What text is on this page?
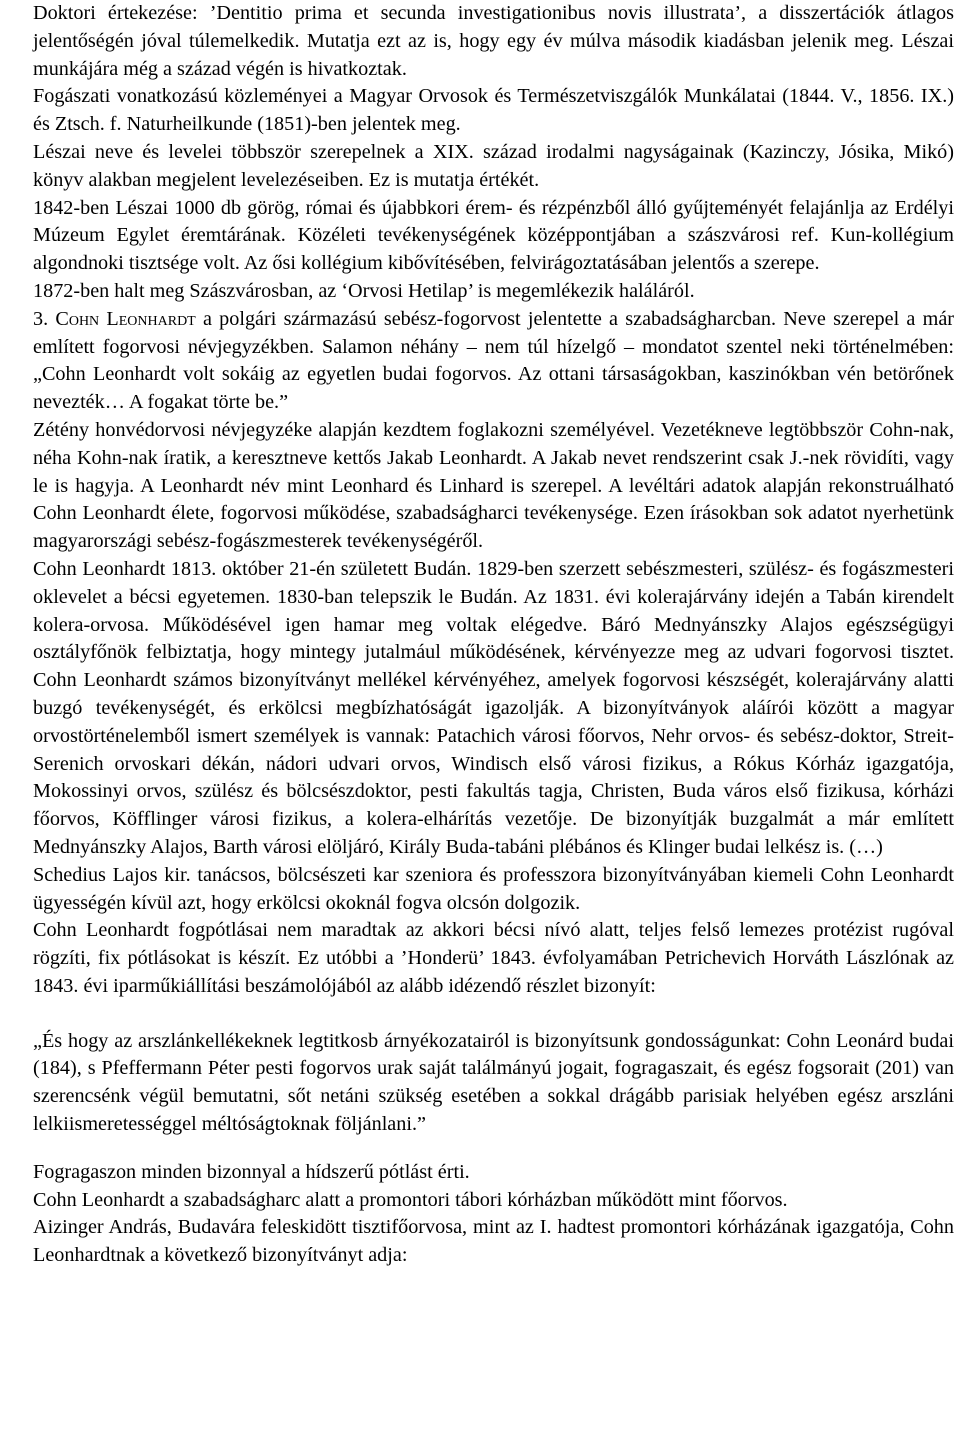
Doktori értekezése: ’Dentitio prima et secunda investigationibus novis illustrata’, a disszertációk átlagos jelentőségén jóval túlemelkedik. Mutatja ezt az is, hogy egy év múlva második kiadásban jelenik meg. Lészai munkájára még a század végén is hivatkoztak.

Fogászati vonatkozású közleményei a Magyar Orvosok és Természetviszgálók Munkálatai (1844. V., 1856. IX.) és Ztsch. f. Naturheilkunde (1851)-ben jelentek meg.

Lészai neve és levelei többször szerepelnek a XIX. század irodalmi nagyságainak (Kazinczy, Jósika, Mikó) könyv alakban megjelent levelezéseiben. Ez is mutatja értékét.

1842-ben Lészai 1000 db görög, római és újabbkori érem- és rézpénzből álló gyűjteményét felajánlja az Erdélyi Múzeum Egylet éremtárának. Közéleti tevékenységének középpontjában a szászvárosi ref. Kun-kollégium algondnoki tisztsége volt. Az ősi kollégium kibővítésében, felvirágoztatásában jelentős a szerepe.

1872-ben halt meg Szászvárosban, az ‘Orvosi Hetilap’ is megemlékezik haláláról.

3. Cohn Leonhardt a polgári származású sebész-fogorvost jelentette a szabadságharcban. Neve szerepel a már említett fogorvosi névjegyzékben. Salamon néhány – nem túl hízelgő – mondatot szentel neki történelmében: „Cohn Leonhardt volt sokáig az egyetlen budai fogorvos. Az ottani társaságokban, kaszinókban vén betörőnek nevezték… A fogakat törte be.”

Zétény honvédorvosi névjegyzéke alapján kezdtem foglakozni személyével. Vezetékneve legtöbbször Cohn-nak, néha Kohn-nak íratik, a keresztneve kettős Jakab Leonhardt. A Jakab nevet rendszerint csak J.-nek rövidíti, vagy le is hagyja. A Leonhardt név mint Leonhard és Linhard is szerepel. A levéltári adatok alapján rekonstruálható Cohn Leonhardt élete, fogorvosi működése, szabadságharci tevékenysége. Ezen írásokban sok adatot nyerhetünk magyarországi sebész-fogászmesterek tevékenységéről.

Cohn Leonhardt 1813. október 21-én született Budán. 1829-ben szerzett sebészmesteri, szülész- és fogászmesteri oklevelet a bécsi egyetemen. 1830-ban telepszik le Budán. Az 1831. évi kolerajárvány idején a Tabán kirendelt kolera-orvosa. Működésével igen hamar meg voltak elégedve. Báró Mednyánszky Alajos egészségügyi osztályfőnök felbiztatja, hogy mintegy jutalmául működésének, kérvényezze meg az udvari fogorvosi tisztet. Cohn Leonhardt számos bizonyítványt mellékel kérvényéhez, amelyek fogorvosi készségét, kolerajárvány alatti buzgó tevékenységét, és erkölcsi megbízhatóságát igazolják. A bizonyítványok aláírói között a magyar orvostörténelemből ismert személyek is vannak: Patachich városi főorvos, Nehr orvos- és sebész-doktor, Streit-Serenich orvoskari dékán, nádori udvari orvos, Windisch első városi fizikus, a Rókus Kórház igazgatója, Mokossinyi orvos, szülész és bölcsészdoktor, pesti fakultás tagja, Christen, Buda város első fizikusa, kórházi főorvos, Köfflinger városi fizikus, a kolera-elhárítás vezetője. De bizonyítják buzgalmát a már említett Mednyánszky Alajos, Barth városi elöljáró, Király Buda-tabáni plébános és Klinger budai lelkész is. (…)

Schedius Lajos kir. tanácsos, bölcsészeti kar szeniora és professzora bizonyítványában kiemeli Cohn Leonhardt ügyességén kívül azt, hogy erkölcsi okoknál fogva olcsón dolgozik.

Cohn Leonhardt fogpótlásai nem maradtak az akkori bécsi nívó alatt, teljes felső lemezes protézist rugóval rögzíti, fix pótlásokat is készít. Ez utóbbi a ’Honderü’ 1843. évfolyamában Petrichevich Horváth Lászlónak az 1843. évi iparműkiállítási beszámolójából az alább idézendő részlet bizonyít:

„És hogy az arszlánkellékeknek legtitkosb árnyékozatairól is bizonyítsunk gondosságunkat: Cohn Leonárd budai (184), s Pfeffermann Péter pesti fogorvos urak saját találmányú jogait, fogragaszait, és egész fogsorait (201) van szerencsénk végül bemutatni, sőt netáni szükség esetében a sokkal drágább parisiak helyében egész arszláni lelkiismeretességgel méltóságtoknak följánlani.”

Fogragaszon minden bizonnyal a hídszerű pótlást érti.

Cohn Leonhardt a szabadságharc alatt a promontori tábori kórházban működött mint főorvos.

Aizinger András, Budavára feleskidött tisztifőorvosa, mint az I. hadtest promontori kórházának igazgatója, Cohn Leonhardtnak a következő bizonyítványt adja:
